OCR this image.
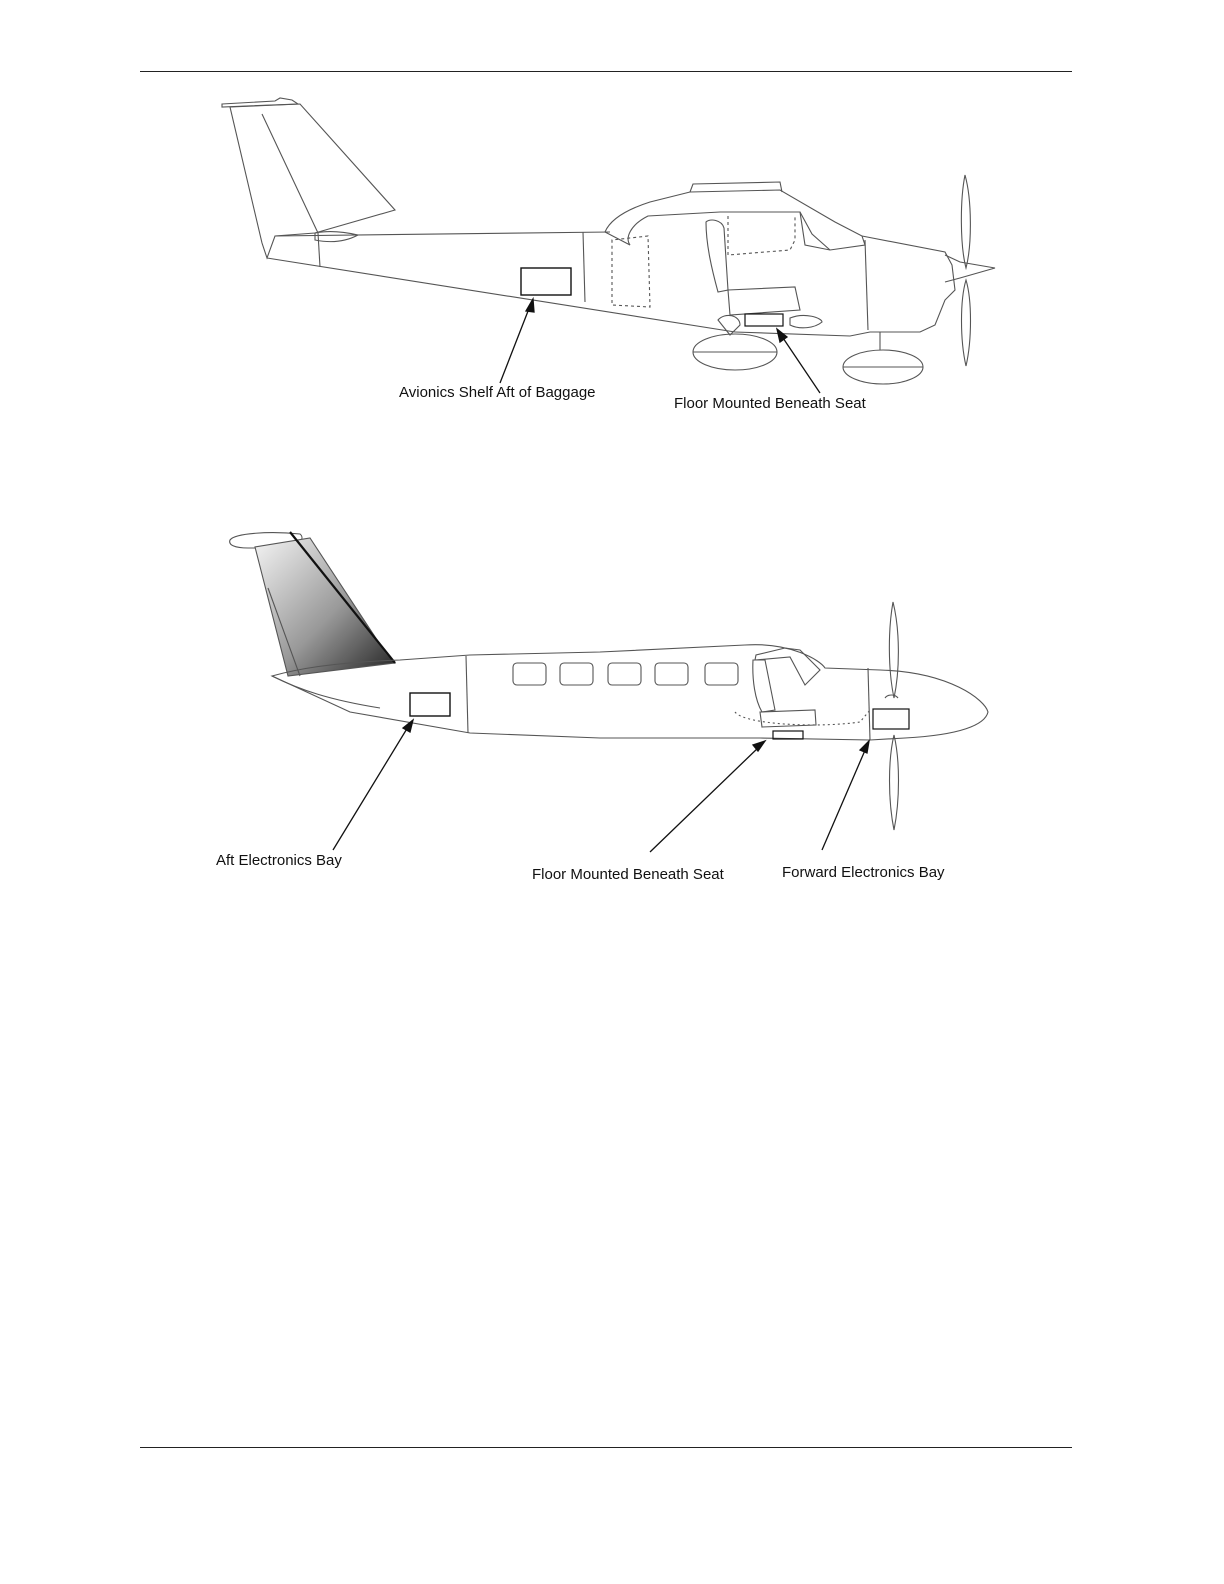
Avionics Shelf Aft of Baggage
Floor Mounted Beneath Seat
Aft Electronics Bay
Floor Mounted Beneath Seat	Forward Electronics Bay
